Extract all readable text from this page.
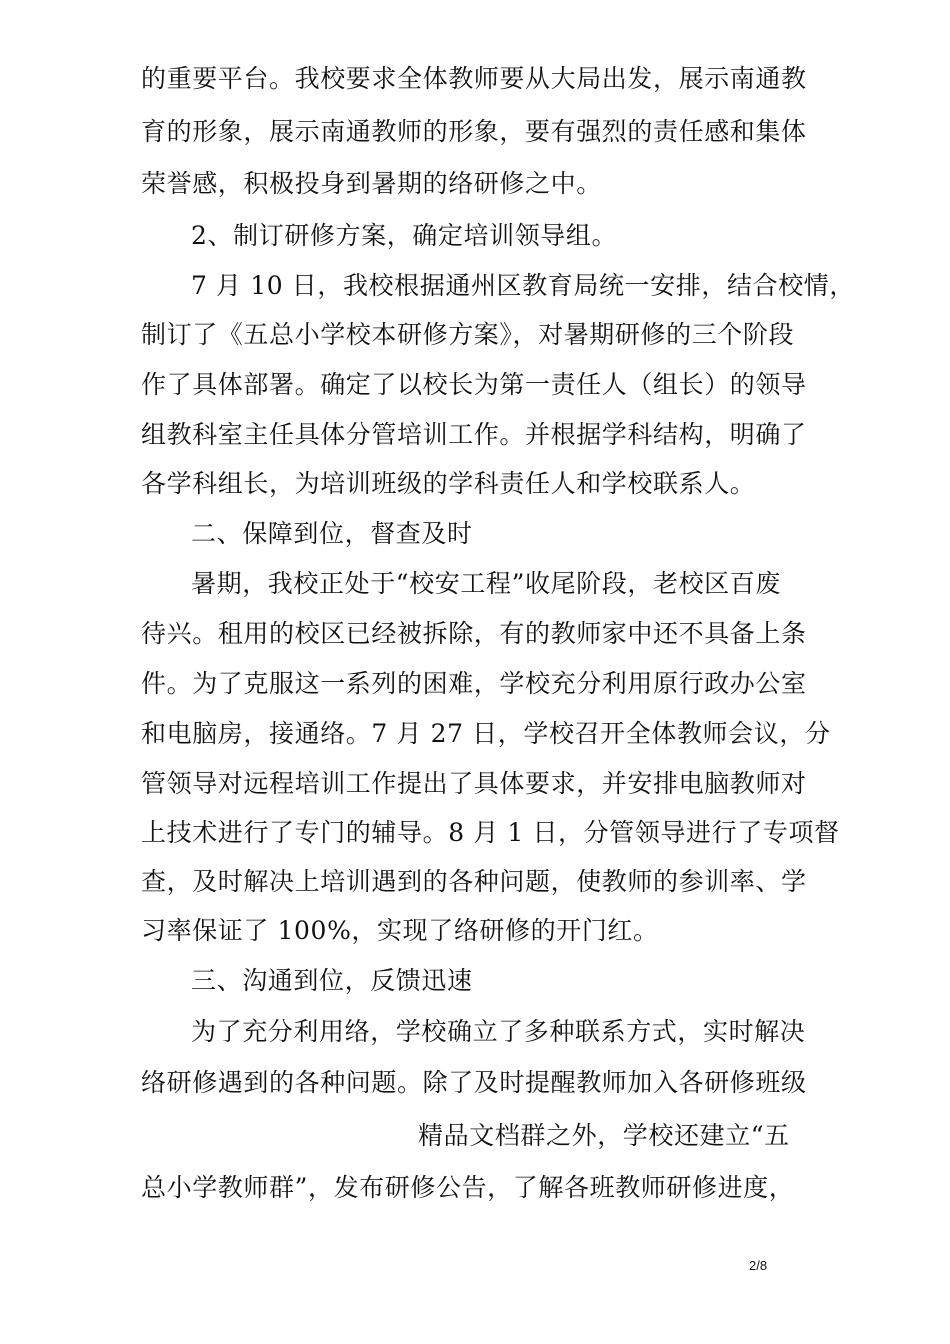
的重要平台。我校要求全体教师要从大局出发，展示南通教
育的形象，展示南通教师的形象，要有强烈的责任感和集体
荣誉感，积极投身到暑期的络研修之中。
2、制订研修方案，确定培训领导组。
7 月 10 日，我校根据通州区教育局统一安排，结合校情，
制订了《五总小学校本研修方案》，对暑期研修的三个阶段
作了具体部署。确定了以校长为第一责任人（组长）的领导
组教科室主任具体分管培训工作。并根据学科结构，明确了
各学科组长，为培训班级的学科责任人和学校联系人。
二、保障到位，督查及时
暑期，我校正处于“校安工程”收尾阶段，老校区百废
待兴。租用的校区已经被拆除，有的教师家中还不具备上条
件。为了克服这一系列的困难，学校充分利用原行政办公室
和电脑房，接通络。7 月 27 日，学校召开全体教师会议，分
管领导对远程培训工作提出了具体要求，并安排电脑教师对
上技术进行了专门的辅导。8 月 1 日，分管领导进行了专项督
查，及时解决上培训遇到的各种问题，使教师的参训率、学
习率保证了 100%，实现了络研修的开门红。
三、沟通到位，反馈迅速
为了充分利用络，学校确立了多种联系方式，实时解决
络研修遇到的各种问题。除了及时提醒教师加入各研修班级
精品文档群之外，学校还建立“五
总小学教师群”，发布研修公告，了解各班教师研修进度，
2/8
